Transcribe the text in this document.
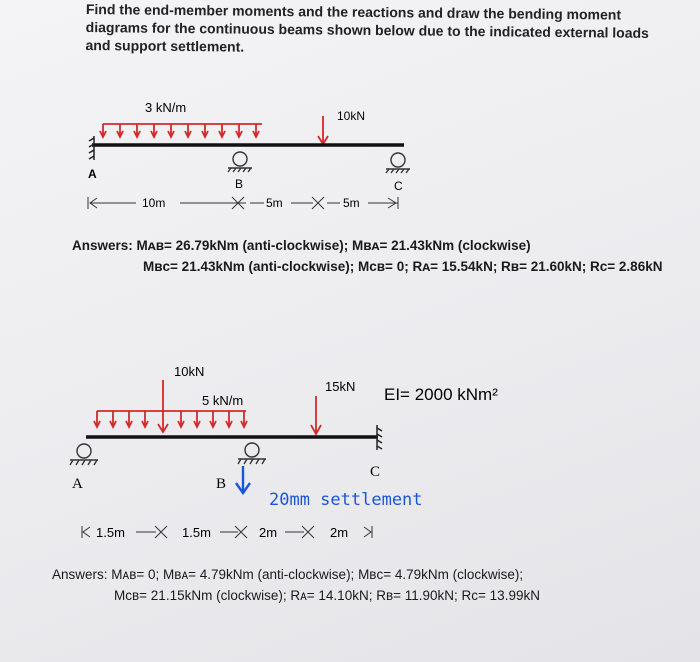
Find the end-member moments and the reactions and draw the bending moment diagrams for the continuous beams shown below due to the indicated external loads and support settlement.
3 kN/m
10kN
A
B	C
10m	5m	5m
Answers: Mᴀʙ= 26.79kNm (anti-clockwise); Mʙᴀ= 21.43kNm (clockwise)
Mʙᴄ= 21.43kNm (anti-clockwise); Mᴄʙ= 0; Rᴀ= 15.54kN; Rʙ= 21.60kN; Rᴄ= 2.86kN
10kN
5 kN/m
15kN EI= 2000 kNm²
A	B
C
20mm settlement
1.5m	1.5m	2m	2m
Answers: Mᴀʙ= 0; Mʙᴀ= 4.79kNm (anti-clockwise); Mʙᴄ= 4.79kNm (clockwise);
Mᴄʙ= 21.15kNm (clockwise); Rᴀ= 14.10kN; Rʙ= 11.90kN; Rᴄ= 13.99kN
